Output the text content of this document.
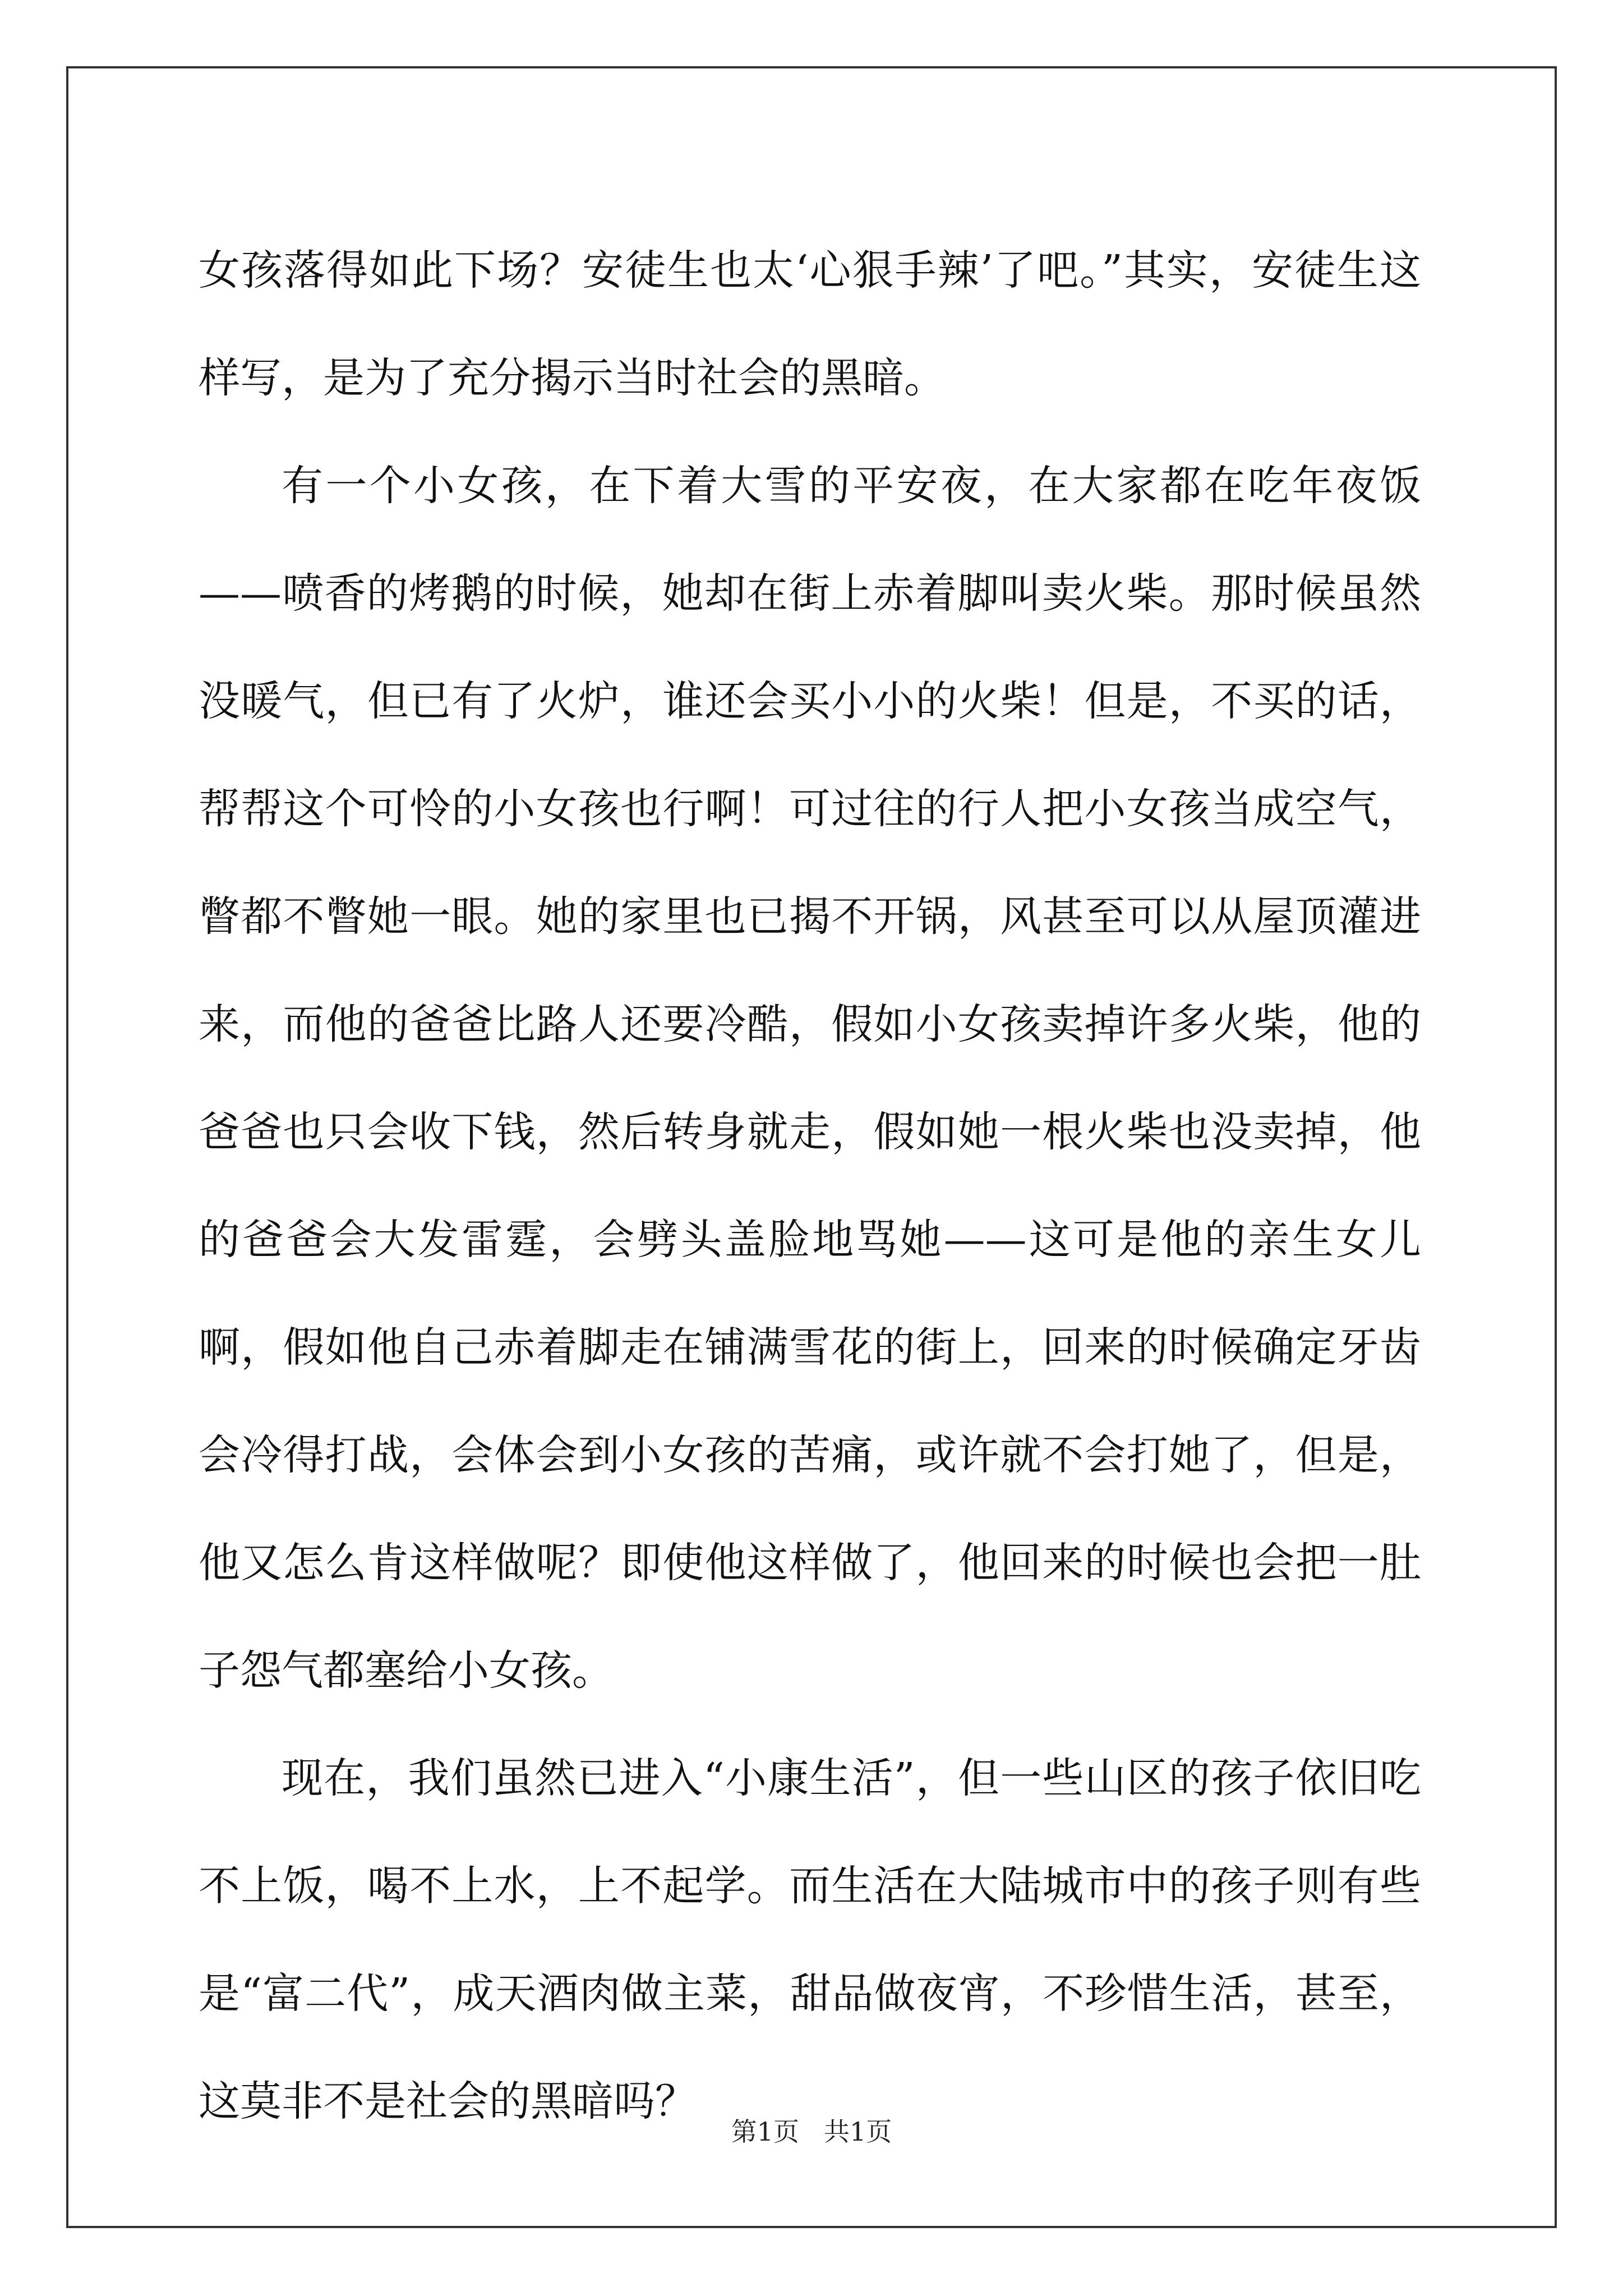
女孩落得如此下场？安徒生也太‘心狠手辣’了吧。”其实，安徒生这样写，是为了充分揭示当时社会的黑暗。

有一个小女孩，在下着大雪的平安夜，在大家都在吃年夜饭——喷香的烤鹅的时候，她却在街上赤着脚叫卖火柴。那时候虽然没暖气，但已有了火炉，谁还会买小小的火柴！但是，不买的话，帮帮这个可怜的小女孩也行啊！可过往的行人把小女孩当成空气，瞥都不瞥她一眼。她的家里也已揭不开锅，风甚至可以从屋顶灌进来，而他的爸爸比路人还要冷酷，假如小女孩卖掉许多火柴，他的爸爸也只会收下钱，然后转身就走，假如她一根火柴也没卖掉，他的爸爸会大发雷霆，会劈头盖脸地骂她——这可是他的亲生女儿啊，假如他自己赤着脚走在铺满雪花的街上，回来的时候确定牙齿会冷得打战，会体会到小女孩的苦痛，或许就不会打她了，但是，他又怎么肯这样做呢？即使他这样做了，他回来的时候也会把一肚子怨气都塞给小女孩。

现在，我们虽然已进入“小康生活”，但一些山区的孩子依旧吃不上饭，喝不上水，上不起学。而生活在大陆城市中的孩子则有些是“富二代”，成天酒肉做主菜，甜品做夜宵，不珍惜生活，甚至，这莫非不是社会的黑暗吗？

第1页 共1页
